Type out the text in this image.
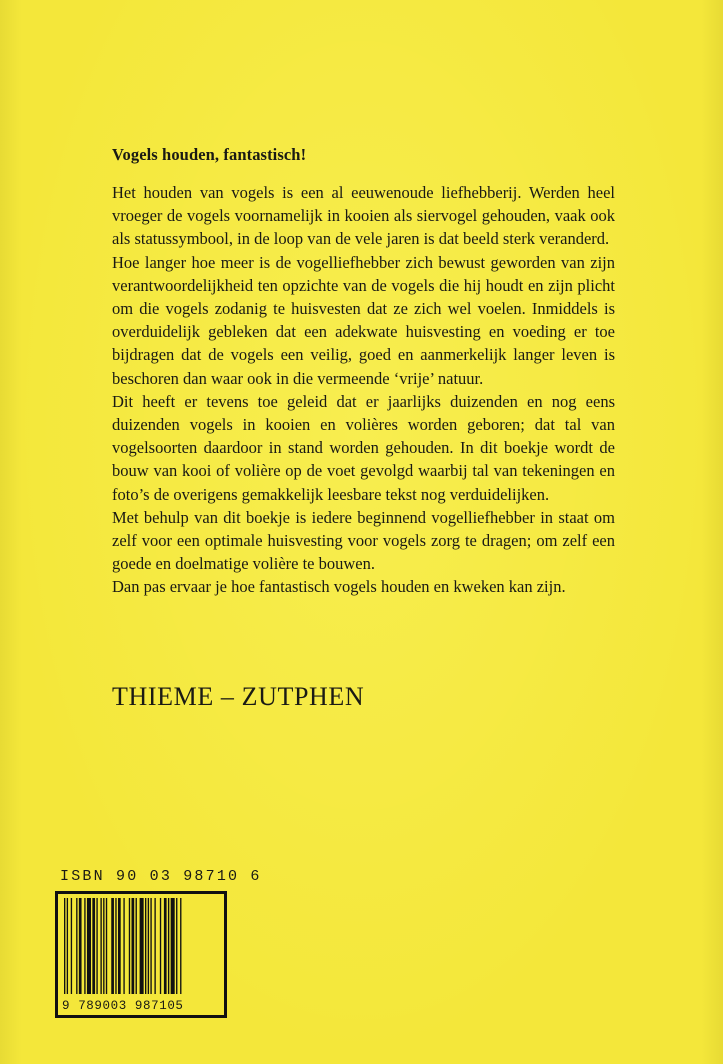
Vogels houden, fantastisch!

Het houden van vogels is een al eeuwenoude liefhebberij. Werden heel vroeger de vogels voornamelijk in kooien als siervogel gehouden, vaak ook als statussymbool, in de loop van de vele jaren is dat beeld sterk veranderd.

Hoe langer hoe meer is de vogelliefhebber zich bewust geworden van zijn verantwoordelijkheid ten opzichte van de vogels die hij houdt en zijn plicht om die vogels zodanig te huisvesten dat ze zich wel voelen. Inmiddels is overduidelijk gebleken dat een adekwate huisvesting en voeding er toe bijdragen dat de vogels een veilig, goed en aanmerkelijk langer leven is beschoren dan waar ook in die vermeende ‘vrije’ natuur.

Dit heeft er tevens toe geleid dat er jaarlijks duizenden en nog eens duizenden vogels in kooien en volières worden geboren; dat tal van vogelsoorten daardoor in stand worden gehouden. In dit boekje wordt de bouw van kooi of volière op de voet gevolgd waarbij tal van tekeningen en foto’s de overigens gemakkelijk leesbare tekst nog verduidelijken.

Met behulp van dit boekje is iedere beginnend vogelliefhebber in staat om zelf voor een optimale huisvesting voor vogels zorg te dragen; om zelf een goede en doelmatige volière te bouwen.

Dan pas ervaar je hoe fantastisch vogels houden en kweken kan zijn.

THIEME – ZUTPHEN
ISBN 90 03 98710 6
9 789003 987105
